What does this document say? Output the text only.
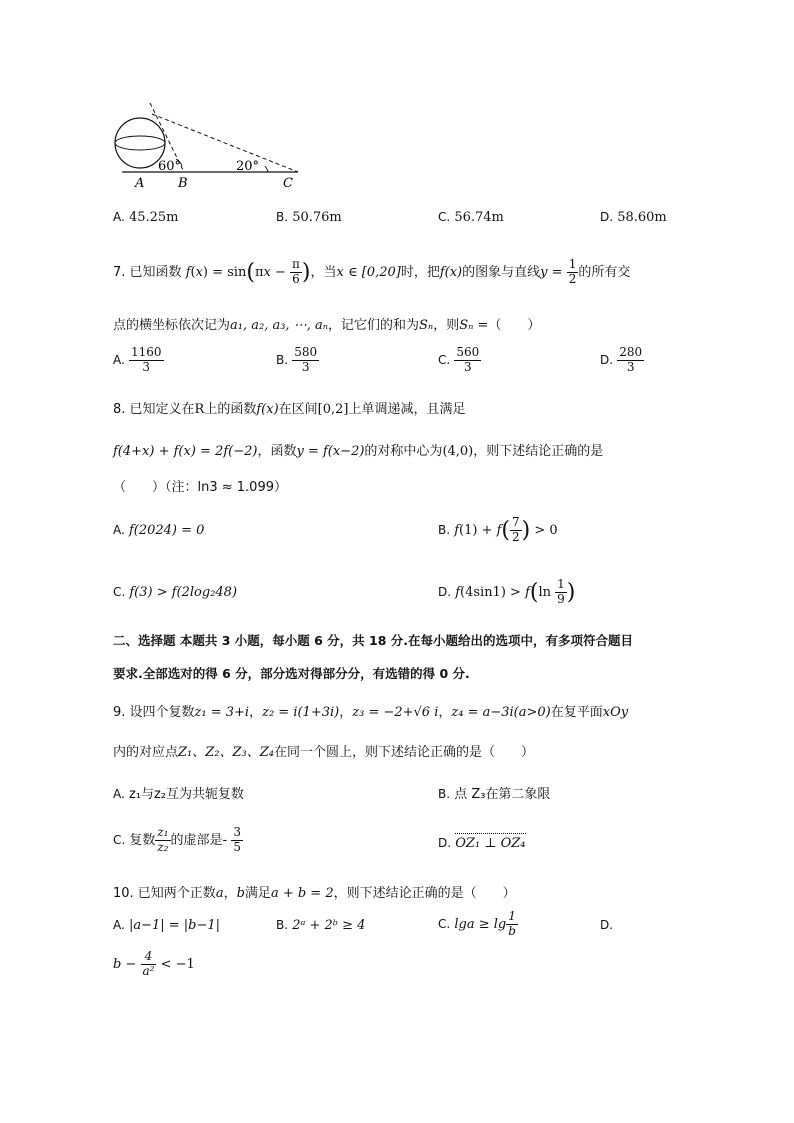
A	B	C
60°	20°
A. 45.25m	B. 50.76m	C. 56.74m	D. 58.60m
7. 已知函数 $f(x) = \sin(\pi x - \frac{\pi}{6}$ )，当x ∈ [0,20]时，把f(x)的图象与直线$y = \frac{1}{2}$ 的所有交
点的横坐标依次记为a₁, a₂, a₃, ⋯, aₙ，记它们的和为Sₙ，则Sₙ =（　　）
A. $\frac{1160}{3}$	B. $\frac{580}{3}$	C. $\frac{560}{3}$	D. $\frac{280}{3}$
8. 已知定义在R上的函数f(x)在区间[0,2]上单调递减，且满足
f(4+x) + f(x) = 2f(−2)，函数y = f(x−2)的对称中心为(4,0)，则下述结论正确的是
（　　）（注：ln3 ≈ 1.099）
A. f(2024) = 0	B. $f(1) + f( \frac{7}{2}$ ) > 0
C. f(3) > f(2log₂48)	D. $f(4\sin 1) > f(\ln \frac{1}{9}$ )
二、选择题 本题共 3 小题，每小题 6 分，共 18 分.在每小题给出的选项中，有多项符合题目
要求.全部选对的得 6 分，部分选对得部分分，有选错的得 0 分.
9. 设四个复数z₁ = 3+i，z₂ = i(1+3i)，z₃ = −2+√6 i，z₄ = a−3i(a>0)在复平面xOy
内的对应点Z₁、Z₂、Z₃、Z₄在同一个圆上，则下述结论正确的是（　　）
A. z₁与z₂互为共轭复数	B. 点 Z₃在第二象限
C. 复数 $\frac{\text{z₁}}{\text{z₂}}$ 的虚部是- $\frac{3}{5}$	D. OZ₁ ⊥ OZ₄
10. 已知两个正数a，b满足a + b = 2，则下述结论正确的是（　　）
A. |a−1| = |b−1|	B. 2ᵃ + 2ᵇ ≥ 4	C. $\lg a \ge \lg \frac{1}{b}$	D.
$b - \frac{4}{\text{a²}} < -1$
